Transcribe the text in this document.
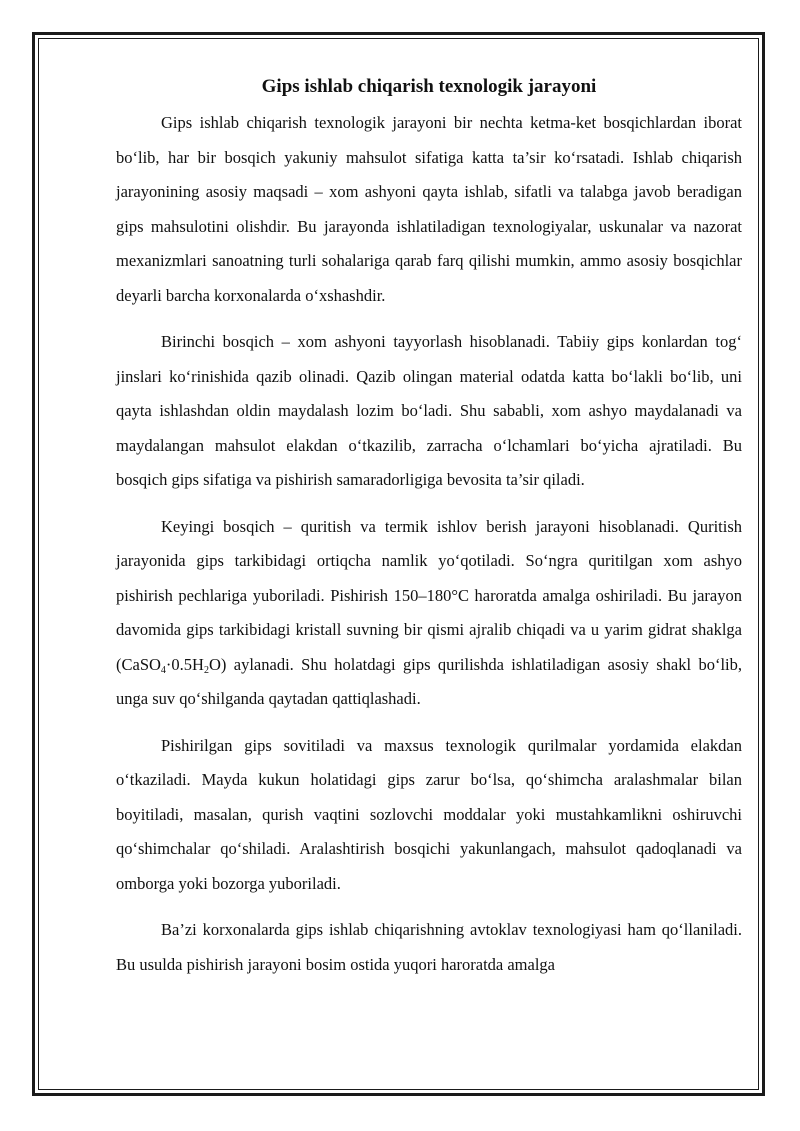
Gips ishlab chiqarish texnologik jarayoni

Gips ishlab chiqarish texnologik jarayoni bir nechta ketma-ket bosqichlardan iborat bo‘lib, har bir bosqich yakuniy mahsulot sifatiga katta ta’sir ko‘rsatadi. Ishlab chiqarish jarayonining asosiy maqsadi – xom ashyoni qayta ishlab, sifatli va talabga javob beradigan gips mahsulotini olishdir. Bu jarayonda ishlatiladigan texnologiyalar, uskunalar va nazorat mexanizmlari sanoatning turli sohalariga qarab farq qilishi mumkin, ammo asosiy bosqichlar deyarli barcha korxonalarda o‘xshashdir.

Birinchi bosqich – xom ashyoni tayyorlash hisoblanadi. Tabiiy gips konlardan tog‘ jinslari ko‘rinishida qazib olinadi. Qazib olingan material odatda katta bo‘lakli bo‘lib, uni qayta ishlashdan oldin maydalash lozim bo‘ladi. Shu sababli, xom ashyo maydalanadi va maydalangan mahsulot elakdan o‘tkazilib, zarracha o‘lchamlari bo‘yicha ajratiladi. Bu bosqich gips sifatiga va pishirish samaradorligiga bevosita ta’sir qiladi.

Keyingi bosqich – quritish va termik ishlov berish jarayoni hisoblanadi. Quritish jarayonida gips tarkibidagi ortiqcha namlik yo‘qotiladi. So‘ngra quritilgan xom ashyo pishirish pechlariga yuboriladi. Pishirish 150–180°C haroratda amalga oshiriladi. Bu jarayon davomida gips tarkibidagi kristall suvning bir qismi ajralib chiqadi va u yarim gidrat shaklga $(CaSO_4\cdot 0.5H_2O)$ aylanadi. Shu holatdagi gips qurilishda ishlatiladigan asosiy shakl bo‘lib, unga suv qo‘shilganda qaytadan qattiqlashadi.

Pishirilgan gips sovitiladi va maxsus texnologik qurilmalar yordamida elakdan o‘tkaziladi. Mayda kukun holatidagi gips zarur bo‘lsa, qo‘shimcha aralashmalar bilan boyitiladi, masalan, qurish vaqtini sozlovchi moddalar yoki mustahkamlikni oshiruvchi qo‘shimchalar qo‘shiladi. Aralashtirish bosqichi yakunlangach, mahsulot qadoqlanadi va omborga yoki bozorga yuboriladi.

Ba’zi korxonalarda gips ishlab chiqarishning avtoklav texnologiyasi ham qo‘llaniladi. Bu usulda pishirish jarayoni bosim ostida yuqori haroratda amalga
